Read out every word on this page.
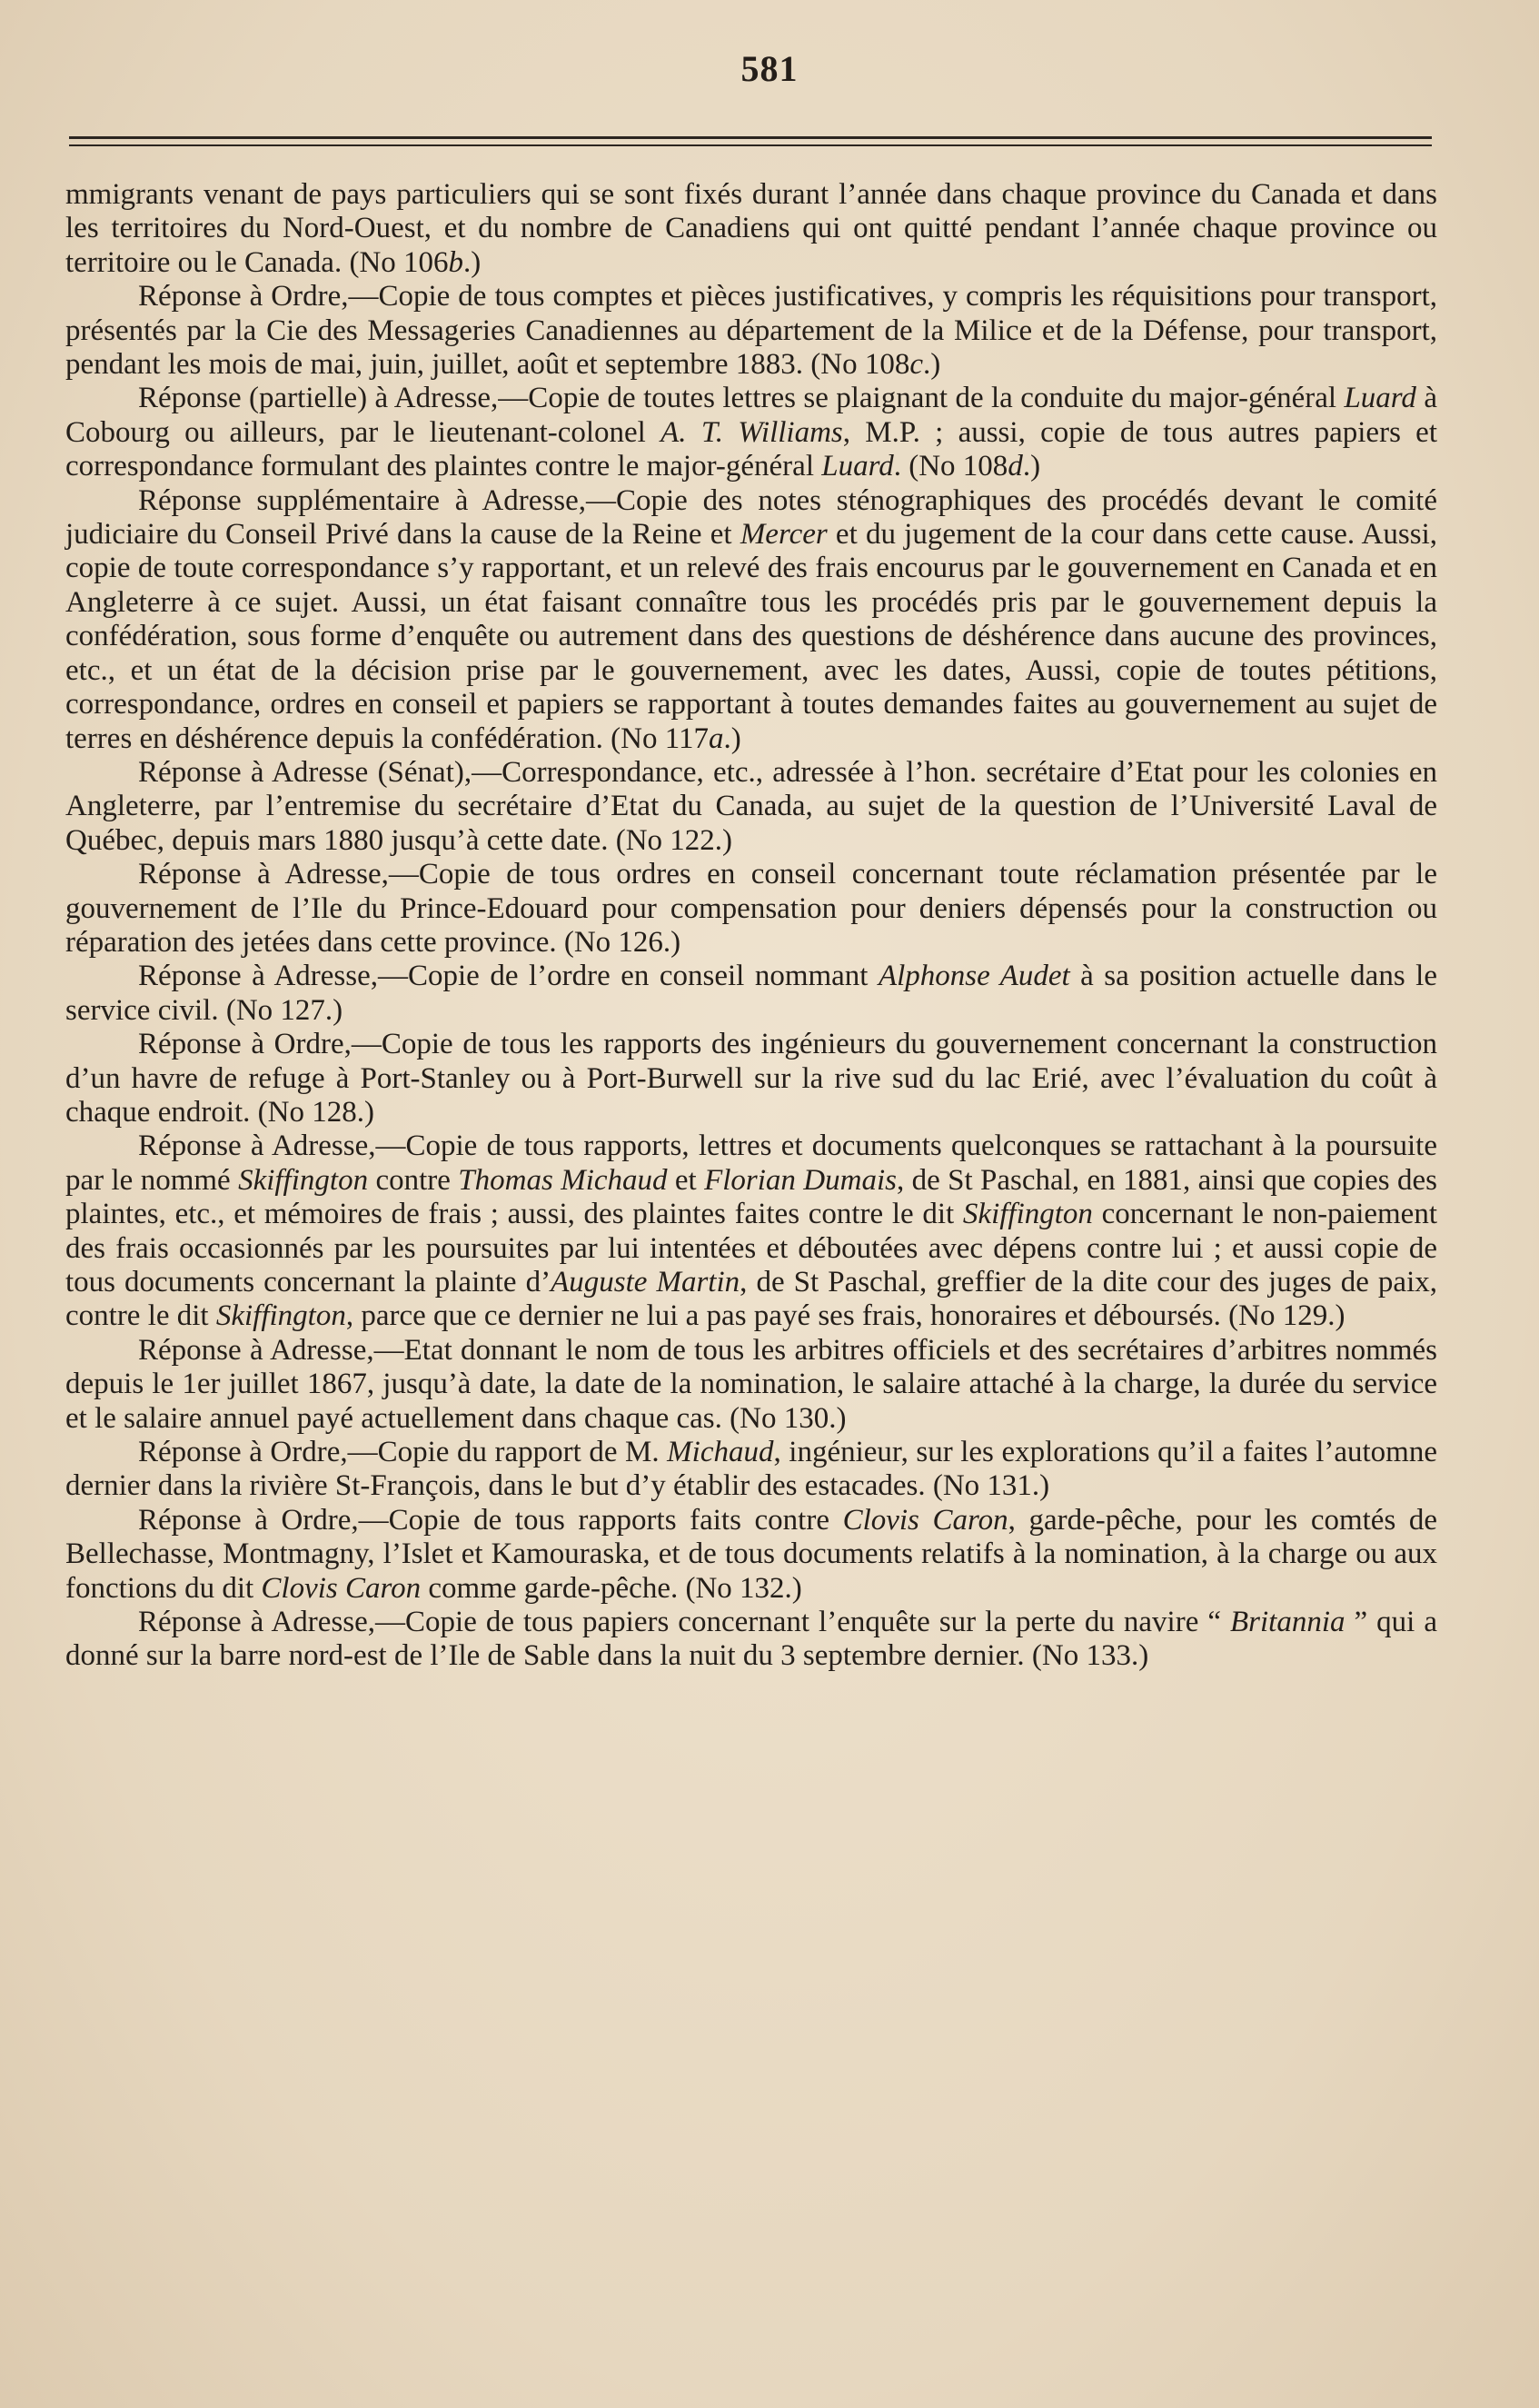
581

mmigrants venant de pays particuliers qui se sont fixés durant l’année dans chaque province du Canada et dans les territoires du Nord-Ouest, et du nombre de Canadiens qui ont quitté pendant l’année chaque province ou territoire ou le Canada. (No 106b.)

Réponse à Ordre,—Copie de tous comptes et pièces justificatives, y compris les réquisitions pour transport, présentés par la Cie des Messageries Canadiennes au département de la Milice et de la Défense, pour transport, pendant les mois de mai, juin, juillet, août et septembre 1883. (No 108c.)

Réponse (partielle) à Adresse,—Copie de toutes lettres se plaignant de la conduite du major-général Luard à Cobourg ou ailleurs, par le lieutenant-colonel A. T. Williams, M.P. ; aussi, copie de tous autres papiers et correspondance formulant des plaintes contre le major-général Luard. (No 108d.)

Réponse supplémentaire à Adresse,—Copie des notes sténographiques des procédés devant le comité judiciaire du Conseil Privé dans la cause de la Reine et Mercer et du jugement de la cour dans cette cause. Aussi, copie de toute correspondance s’y rapportant, et un relevé des frais encourus par le gouvernement en Canada et en Angleterre à ce sujet. Aussi, un état faisant connaître tous les procédés pris par le gouvernement depuis la confédération, sous forme d’enquête ou autrement dans des questions de déshérence dans aucune des provinces, etc., et un état de la décision prise par le gouvernement, avec les dates, Aussi, copie de toutes pétitions, correspondance, ordres en conseil et papiers se rapportant à toutes demandes faites au gouvernement au sujet de terres en déshérence depuis la confédération. (No 117a.)

Réponse à Adresse (Sénat),—Correspondance, etc., adressée à l’hon. secrétaire d’Etat pour les colonies en Angleterre, par l’entremise du secrétaire d’Etat du Canada, au sujet de la question de l’Université Laval de Québec, depuis mars 1880 jusqu’à cette date. (No 122.)

Réponse à Adresse,—Copie de tous ordres en conseil concernant toute réclamation présentée par le gouvernement de l’Ile du Prince-Edouard pour compensation pour deniers dépensés pour la construction ou réparation des jetées dans cette province. (No 126.)

Réponse à Adresse,—Copie de l’ordre en conseil nommant Alphonse Audet à sa position actuelle dans le service civil. (No 127.)

Réponse à Ordre,—Copie de tous les rapports des ingénieurs du gouvernement concernant la construction d’un havre de refuge à Port-Stanley ou à Port-Burwell sur la rive sud du lac Erié, avec l’évaluation du coût à chaque endroit. (No 128.)

Réponse à Adresse,—Copie de tous rapports, lettres et documents quelconques se rattachant à la poursuite par le nommé Skiffington contre Thomas Michaud et Florian Dumais, de St Paschal, en 1881, ainsi que copies des plaintes, etc., et mémoires de frais ; aussi, des plaintes faites contre le dit Skiffington concernant le non-paiement des frais occasionnés par les poursuites par lui intentées et déboutées avec dépens contre lui ; et aussi copie de tous documents concernant la plainte d’Auguste Martin, de St Paschal, greffier de la dite cour des juges de paix, contre le dit Skiffington, parce que ce dernier ne lui a pas payé ses frais, honoraires et déboursés. (No 129.)

Réponse à Adresse,—Etat donnant le nom de tous les arbitres officiels et des secrétaires d’arbitres nommés depuis le 1er juillet 1867, jusqu’à date, la date de la nomination, le salaire attaché à la charge, la durée du service et le salaire annuel payé actuellement dans chaque cas. (No 130.)

Réponse à Ordre,—Copie du rapport de M. Michaud, ingénieur, sur les explorations qu’il a faites l’automne dernier dans la rivière St-François, dans le but d’y établir des estacades. (No 131.)

Réponse à Ordre,—Copie de tous rapports faits contre Clovis Caron, garde-pêche, pour les comtés de Bellechasse, Montmagny, l’Islet et Kamouraska, et de tous documents relatifs à la nomination, à la charge ou aux fonctions du dit Clovis Caron comme garde-pêche. (No 132.)

Réponse à Adresse,—Copie de tous papiers concernant l’enquête sur la perte du navire “ Britannia ” qui a donné sur la barre nord-est de l’Ile de Sable dans la nuit du 3 septembre dernier. (No 133.)
